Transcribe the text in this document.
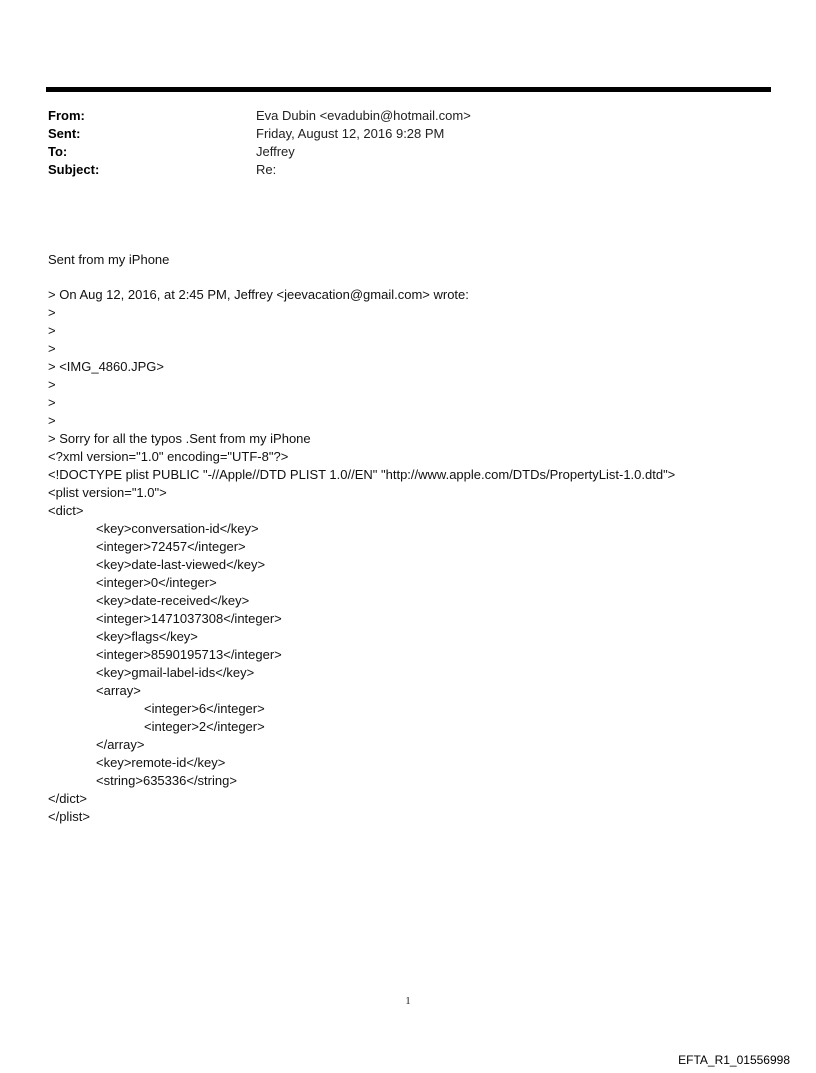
From:	Eva Dubin <evadubin@hotmail.com>
Sent:	Friday, August 12, 2016 9:28 PM
To:	Jeffrey
Subject:	Re:
Sent from my iPhone
> On Aug 12, 2016, at 2:45 PM, Jeffrey <jeevacation@gmail.com> wrote:
>
>
>
> <IMG_4860.JPG>
>
>
>
> Sorry for all the typos .Sent from my iPhone
<?xml version="1.0" encoding="UTF-8"?>
<!DOCTYPE plist PUBLIC "-//Apple//DTD PLIST 1.0//EN" "http://www.apple.com/DTDs/PropertyList-1.0.dtd">
<plist version="1.0">
<dict>
<key>conversation-id</key>
<integer>72457</integer>
<key>date-last-viewed</key>
<integer>0</integer>
<key>date-received</key>
<integer>1471037308</integer>
<key>flags</key>
<integer>8590195713</integer>
<key>gmail-label-ids</key>
<array>
<integer>6</integer>
<integer>2</integer>
</array>
<key>remote-id</key>
<string>635336</string>
</dict>
</plist>
1
EFTA_R1_01556998
